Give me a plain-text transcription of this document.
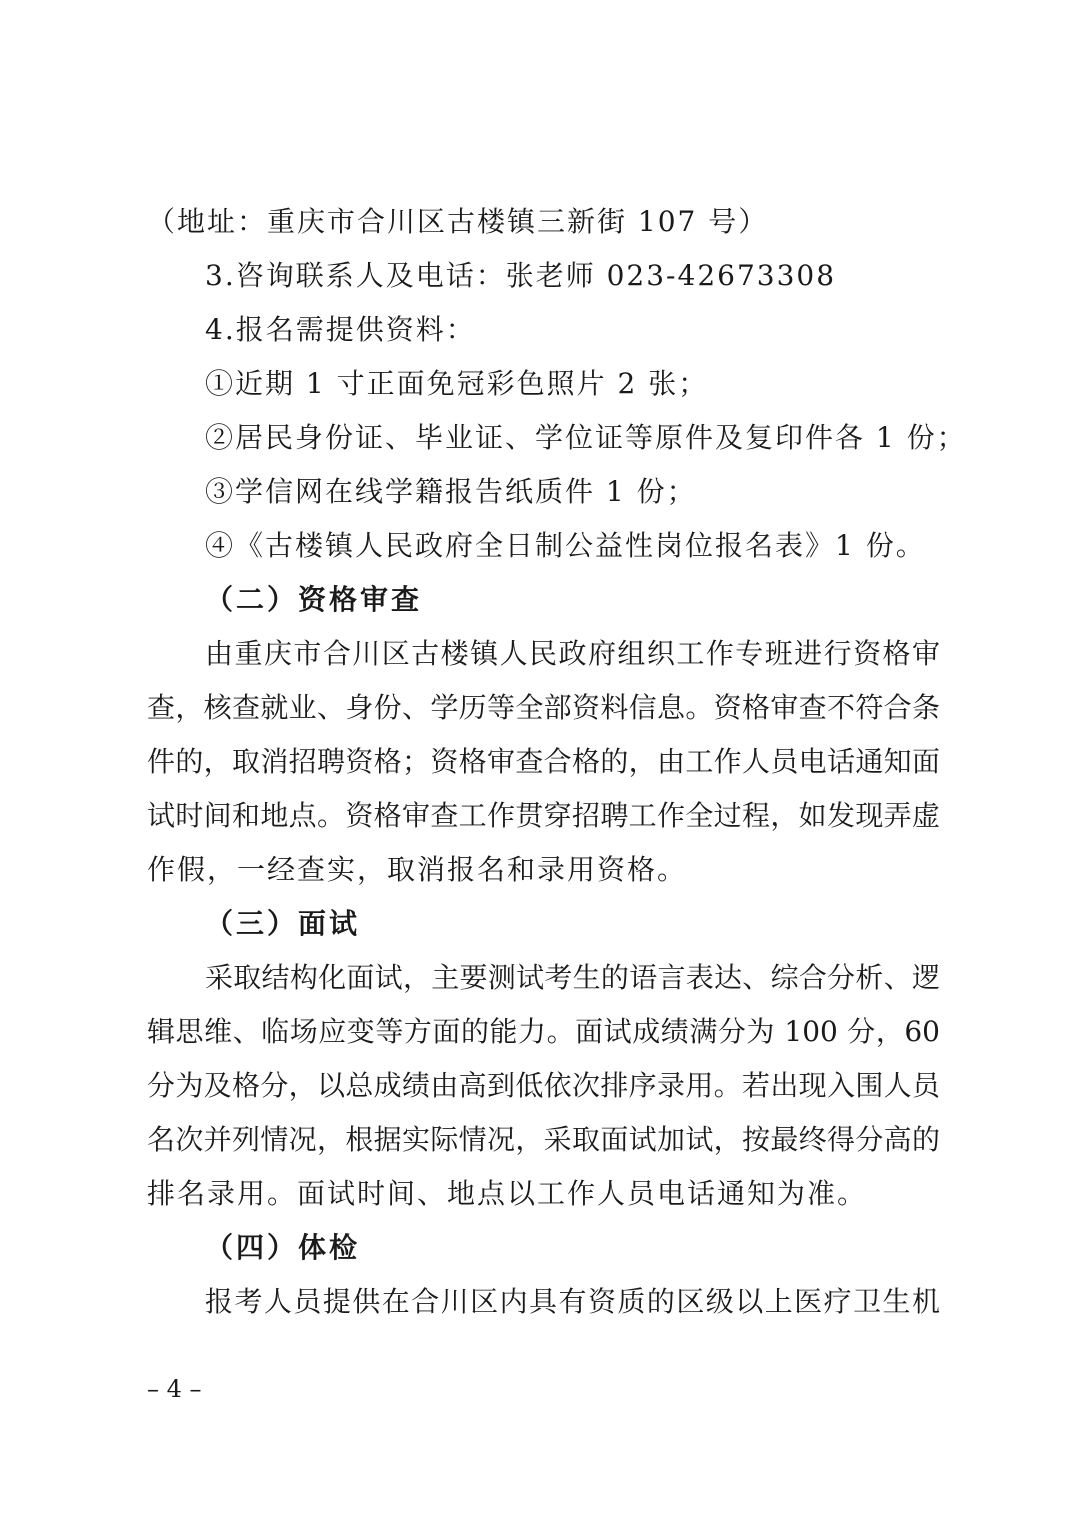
（地址：重庆市合川区古楼镇三新街 107 号）
3.咨询联系人及电话：张老师 023-42673308
4.报名需提供资料：
①近期 1 寸正面免冠彩色照片 2 张；
②居民身份证、毕业证、学位证等原件及复印件各 1 份；
③学信网在线学籍报告纸质件 1 份；
④《古楼镇人民政府全日制公益性岗位报名表》1 份。
（二）资格审查
由重庆市合川区古楼镇人民政府组织工作专班进行资格审
查，核查就业、身份、学历等全部资料信息。资格审查不符合条
件的，取消招聘资格；资格审查合格的，由工作人员电话通知面
试时间和地点。资格审查工作贯穿招聘工作全过程，如发现弄虚
作假，一经查实，取消报名和录用资格。
（三）面试
采取结构化面试，主要测试考生的语言表达、综合分析、逻
辑思维、临场应变等方面的能力。面试成绩满分为 100 分，60
分为及格分，以总成绩由高到低依次排序录用。若出现入围人员
名次并列情况，根据实际情况，采取面试加试，按最终得分高的
排名录用。面试时间、地点以工作人员电话通知为准。
（四）体检
报考人员提供在合川区内具有资质的区级以上医疗卫生机
– 4 –
